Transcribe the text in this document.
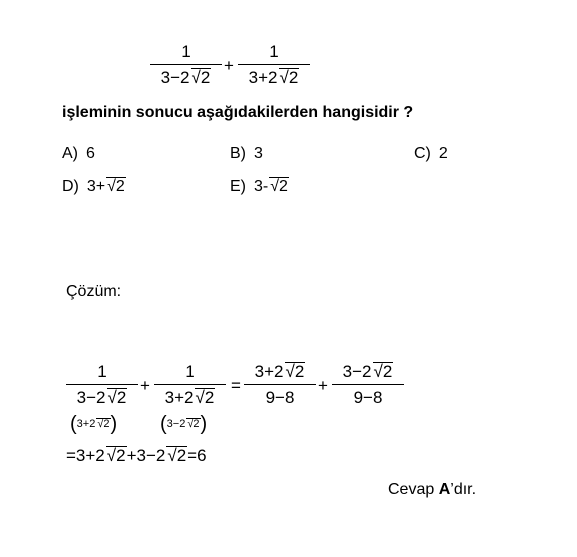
1
3−2 √2
+
1
3+2 √2
işleminin sonucu aşağıdakilerden hangisidir ?
A) 6	B) 3	C) 2
D) 3+ √2	E) 3- √2
Çözüm:
1
3−2 √2
(3+2 √2)
+
1
3+2 √2
(3−2 √2)
=
3+2 √2
9−8
+
3−2 √2
9−8
=3+2 √2+3−2 √2=6
Cevap A’dır.
